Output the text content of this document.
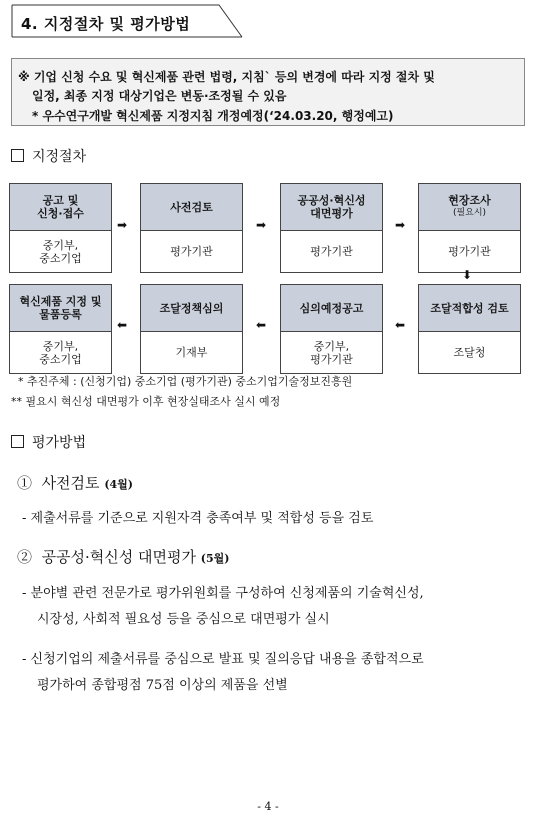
4. 지정절차 및 평가방법
※ 기업 신청 수요 및 혁신제품 관련 법령, 지침` 등의 변경에 따라 지정 절차 및
일정, 최종 지정 대상기업은 변동·조정될 수 있음
* 우수연구개발 혁신제품 지정지침 개정예정(‘24.03.20, 행정예고)
지정절차
공고 및
신청·접수
중기부,
중소기업
➡
사전검토
평가기관
➡
공공성·혁신성
대면평가
평가기관
➡
현장조사
(필요시)
평가기관
⬇
혁신제품 지정 및
물품등록
중기부,
중소기업
⬅
조달정책심의
기재부
⬅
심의예정공고
중기부,
평가기관
⬅
조달적합성 검토
조달청
* 추진주체 : (신청기업) 중소기업 (평가기관) 중소기업기술정보진흥원
** 필요시 혁신성 대면평가 이후 현장실태조사 실시 예정
평가방법
① 사전검토 (4월)
- 제출서류를 기준으로 지원자격 충족여부 및 적합성 등을 검토
② 공공성·혁신성 대면평가 (5월)
- 분야별 관련 전문가로 평가위원회를 구성하여 신청제품의 기술혁신성,
시장성, 사회적 필요성 등을 중심으로 대면평가 실시
- 신청기업의 제출서류를 중심으로 발표 및 질의응답 내용을 종합적으로
평가하여 종합평점 75점 이상의 제품을 선별
- 4 -
